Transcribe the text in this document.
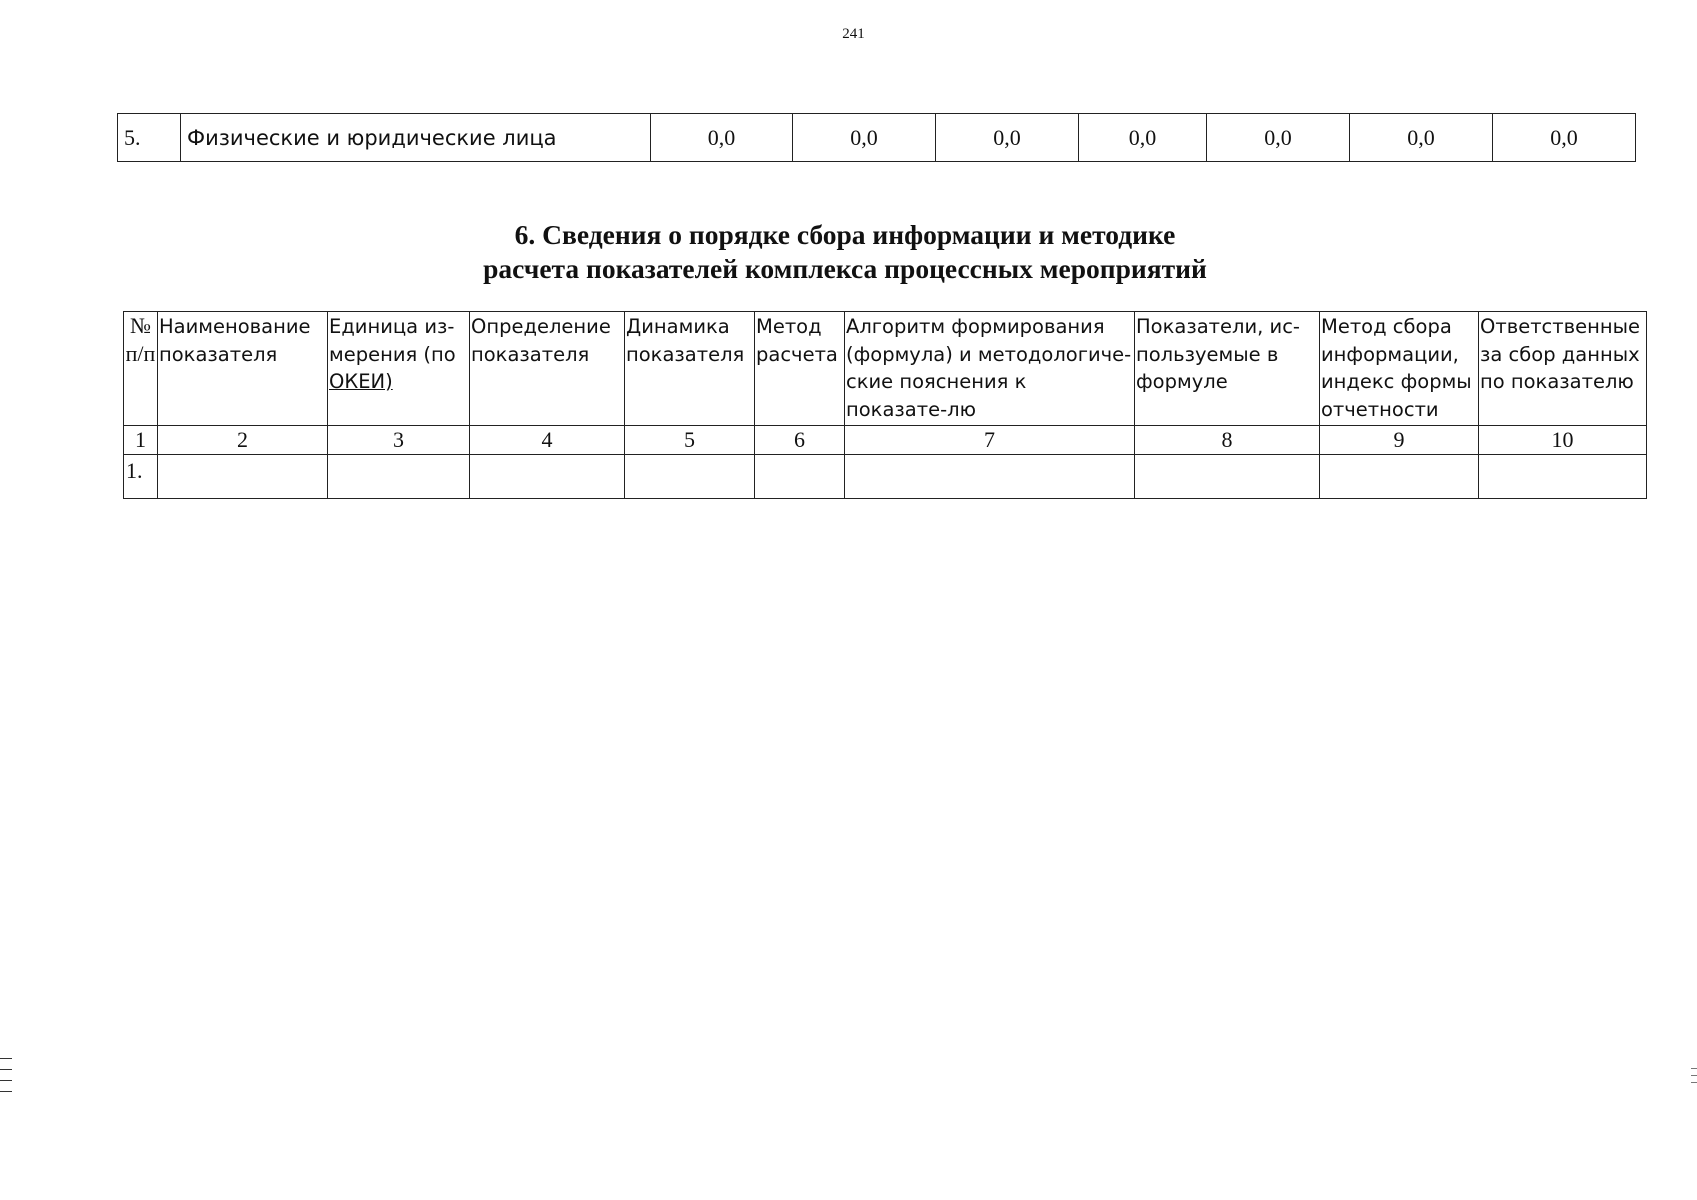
241
5.	Физические и юридические лица	0,0	0,0	0,0	0,0	0,0	0,0	0,0
6. Сведения о порядке сбора информации и методике
расчета показателей комплекса процессных мероприятий
№ п/п	Наименование показателя	Единица из-мерения (по ОКЕИ)	Определение показателя	Динамика показателя	Метод расчета	Алгоритм формирования (формула) и методологиче-ские пояснения к показате-лю	Показатели, ис-пользуемые в формуле	Метод сбора информации, индекс формы отчетности	Ответственные за сбор данных по показателю
1	2	3	4	5	6	7	8	9	10
1.									
